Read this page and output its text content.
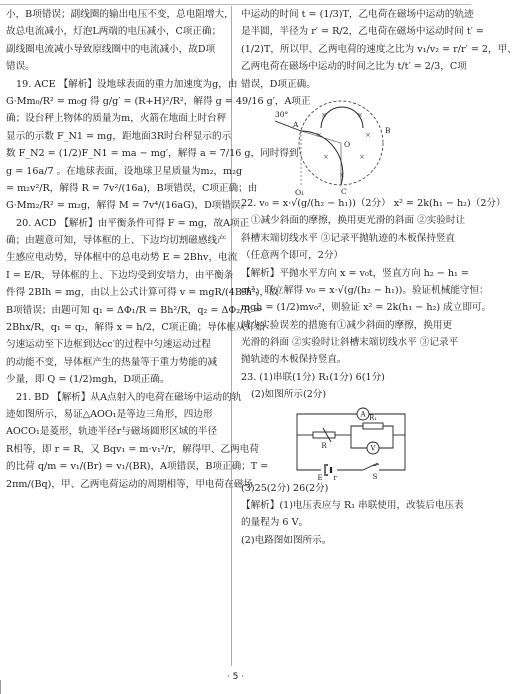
小，B项错误；副线圈的输出电压不变，总电阻增大，
故总电流减小，灯泡L两端的电压减小，C项正确；
副线圈电流减小导致原线圈中的电流减小，故D项
错误。
19. ACE 【解析】设地球表面的重力加速度为g，由
G·Mm₀/R² = m₀g 得 g/g′ = (R+H)²/R²，解得 g = 49/16 g′，A项正
确；设台秤上物体的质量为m，火箭在地面上时台秤
显示的示数 F_N1 = mg，距地面3R时台秤显示的示
数 F_N2 = (1/2)F_N1 = ma − mg′，解得 a = 7/16 g，同时得到
g = 16a/7 。在地球表面，设地球卫星质量为m₂，m₂g
= m₂v²/R，解得 R = 7v²/(16a)，B项错误，C项正确；由
G·Mm₂/R² = m₂g，解得 M = 7v⁴/(16aG)，D项错误。
20. ACD 【解析】由平衡条件可得 F = mg，故A项正
确；由题意可知，导体框的上、下边均切割磁感线产
生感应电动势，导体框中的总电动势 E = 2Bhv，电流
I = E/R，导体框的上、下边均受到安培力，由平衡条
件得 2BIh = mg，由以上公式计算可得 v = mgR/(4B²h²)，故
B项错误；由题可知 q₁ = ΔΦ₁/R = Bh²/R，q₂ = ΔΦ₂/R =
2Bhx/R，q₁ = q₂，解得 x = h/2，C项正确；导体框从开始
匀速运动至下边框到达cc′的过程中匀速运动过程
的动能不变，导体框产生的热量等于重力势能的减
少量，即 Q = (1/2)mgh，D项正确。
21. BD 【解析】从A点射入的电荷在磁场中运动的轨
迹如图所示，易证△AOO₁是等边三角形，四边形
AOCO₁是菱形，轨迹半径r与磁场圆形区域的半径
R相等，即 r = R，又 Bqv₁ = m·v₁²/r，解得甲、乙两电荷
的比荷 q/m = v₁/(Br) = v₁/(BR)，A项错误，B项正确；T =
2πm/(Bq)，甲、乙两电荷运动的周期相等，甲电荷在磁场
中运动的时间 t = (1/3)T，乙电荷在磁场中运动的轨迹
是半圆，半径为 r′ = R/2，乙电荷在磁场中运动时间 t′ =
(1/2)T，所以甲、乙两电荷的速度之比为 v₁/v₂ = r/r′ = 2，甲、
乙两电荷在磁场中运动的时间之比为 t/t′ = 2/3，C项
错误，D项正确。
×	×
×	×
×	×
×
30°
A
O₁
O
C
B
22. v₀ = x·√(g/(h₂ − h₁))（2分） x² = 2k(h₁ − h₂)（2分）
①减少斜面的摩擦，换用更光滑的斜面 ②实验时让
斜槽末端切线水平 ③记录平抛轨迹的木板保持竖直
（任意两个即可，2分）
【解析】平抛水平方向 x = v₀t，竖直方向 h₂ − h₁ =
gt²，联立解得 v₀ = x·√(g/(h₂ − h₁))。验证机械能守恒：
mgh = (1/2)mv₀²，则验证 x² = 2k(h₁ − h₂) 成立即可。
减少实验误差的措施有①减少斜面的摩擦，换用更
光滑的斜面 ②实验时让斜槽末端切线水平 ③记录平
抛轨迹的木板保持竖直。
23. (1)串联(1分) R₁(1分) 6(1分)
(2)如图所示(2分)
A
R
R₁
V
E r	S
(3)25(2分) 26(2分)
【解析】(1)电压表应与 R₁ 串联使用，改装后电压表
的量程为 6 V。
(2)电路图如图所示。
· 5 ·
